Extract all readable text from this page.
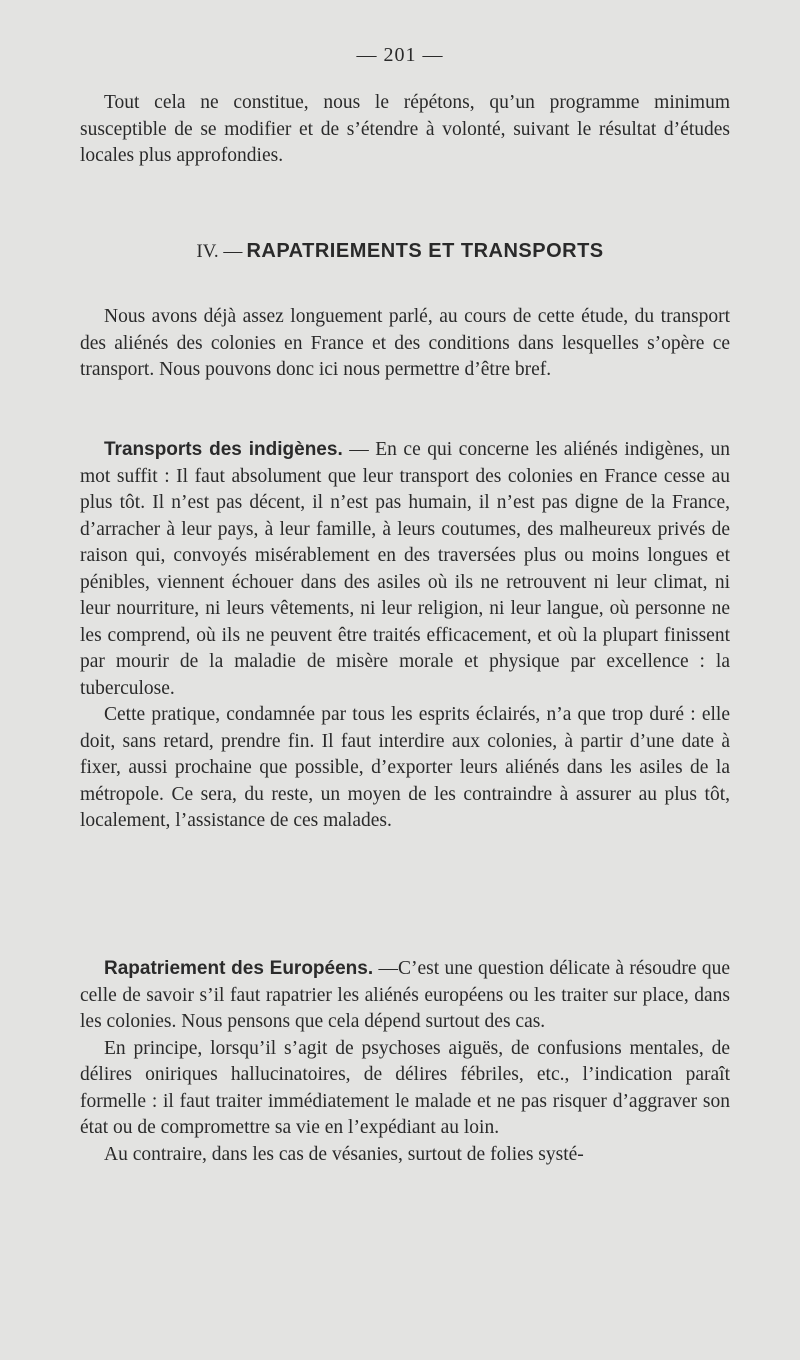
— 201 —

Tout cela ne constitue, nous le répétons, qu’un programme minimum susceptible de se modifier et de s’étendre à volonté, suivant le résultat d’études locales plus approfondies.

IV. — RAPATRIEMENTS ET TRANSPORTS

Nous avons déjà assez longuement parlé, au cours de cette étude, du transport des aliénés des colonies en France et des conditions dans lesquelles s’opère ce transport. Nous pouvons donc ici nous permettre d’être bref.

Transports des indigènes. — En ce qui concerne les aliénés indigènes, un mot suffit : Il faut absolument que leur transport des colonies en France cesse au plus tôt. Il n’est pas décent, il n’est pas humain, il n’est pas digne de la France, d’arracher à leur pays, à leur famille, à leurs coutumes, des malheureux privés de raison qui, convoyés misérablement en des traversées plus ou moins longues et pénibles, viennent échouer dans des asiles où ils ne retrouvent ni leur climat, ni leur nourriture, ni leurs vêtements, ni leur religion, ni leur langue, où personne ne les comprend, où ils ne peuvent être traités efficacement, et où la plupart finissent par mourir de la maladie de misère morale et physique par excellence : la tuberculose.

Cette pratique, condamnée par tous les esprits éclairés, n’a que trop duré : elle doit, sans retard, prendre fin. Il faut interdire aux colonies, à partir d’une date à fixer, aussi prochaine que possible, d’exporter leurs aliénés dans les asiles de la métropole. Ce sera, du reste, un moyen de les contraindre à assurer au plus tôt, localement, l’assistance de ces malades.

Rapatriement des Européens. —C’est une question délicate à résoudre que celle de savoir s’il faut rapatrier les aliénés européens ou les traiter sur place, dans les colonies. Nous pensons que cela dépend surtout des cas.

En principe, lorsqu’il s’agit de psychoses aiguës, de confusions mentales, de délires oniriques hallucinatoires, de délires fébriles, etc., l’indication paraît formelle : il faut traiter immédiatement le malade et ne pas risquer d’aggraver son état ou de compromettre sa vie en l’expédiant au loin.

Au contraire, dans les cas de vésanies, surtout de folies systé-
